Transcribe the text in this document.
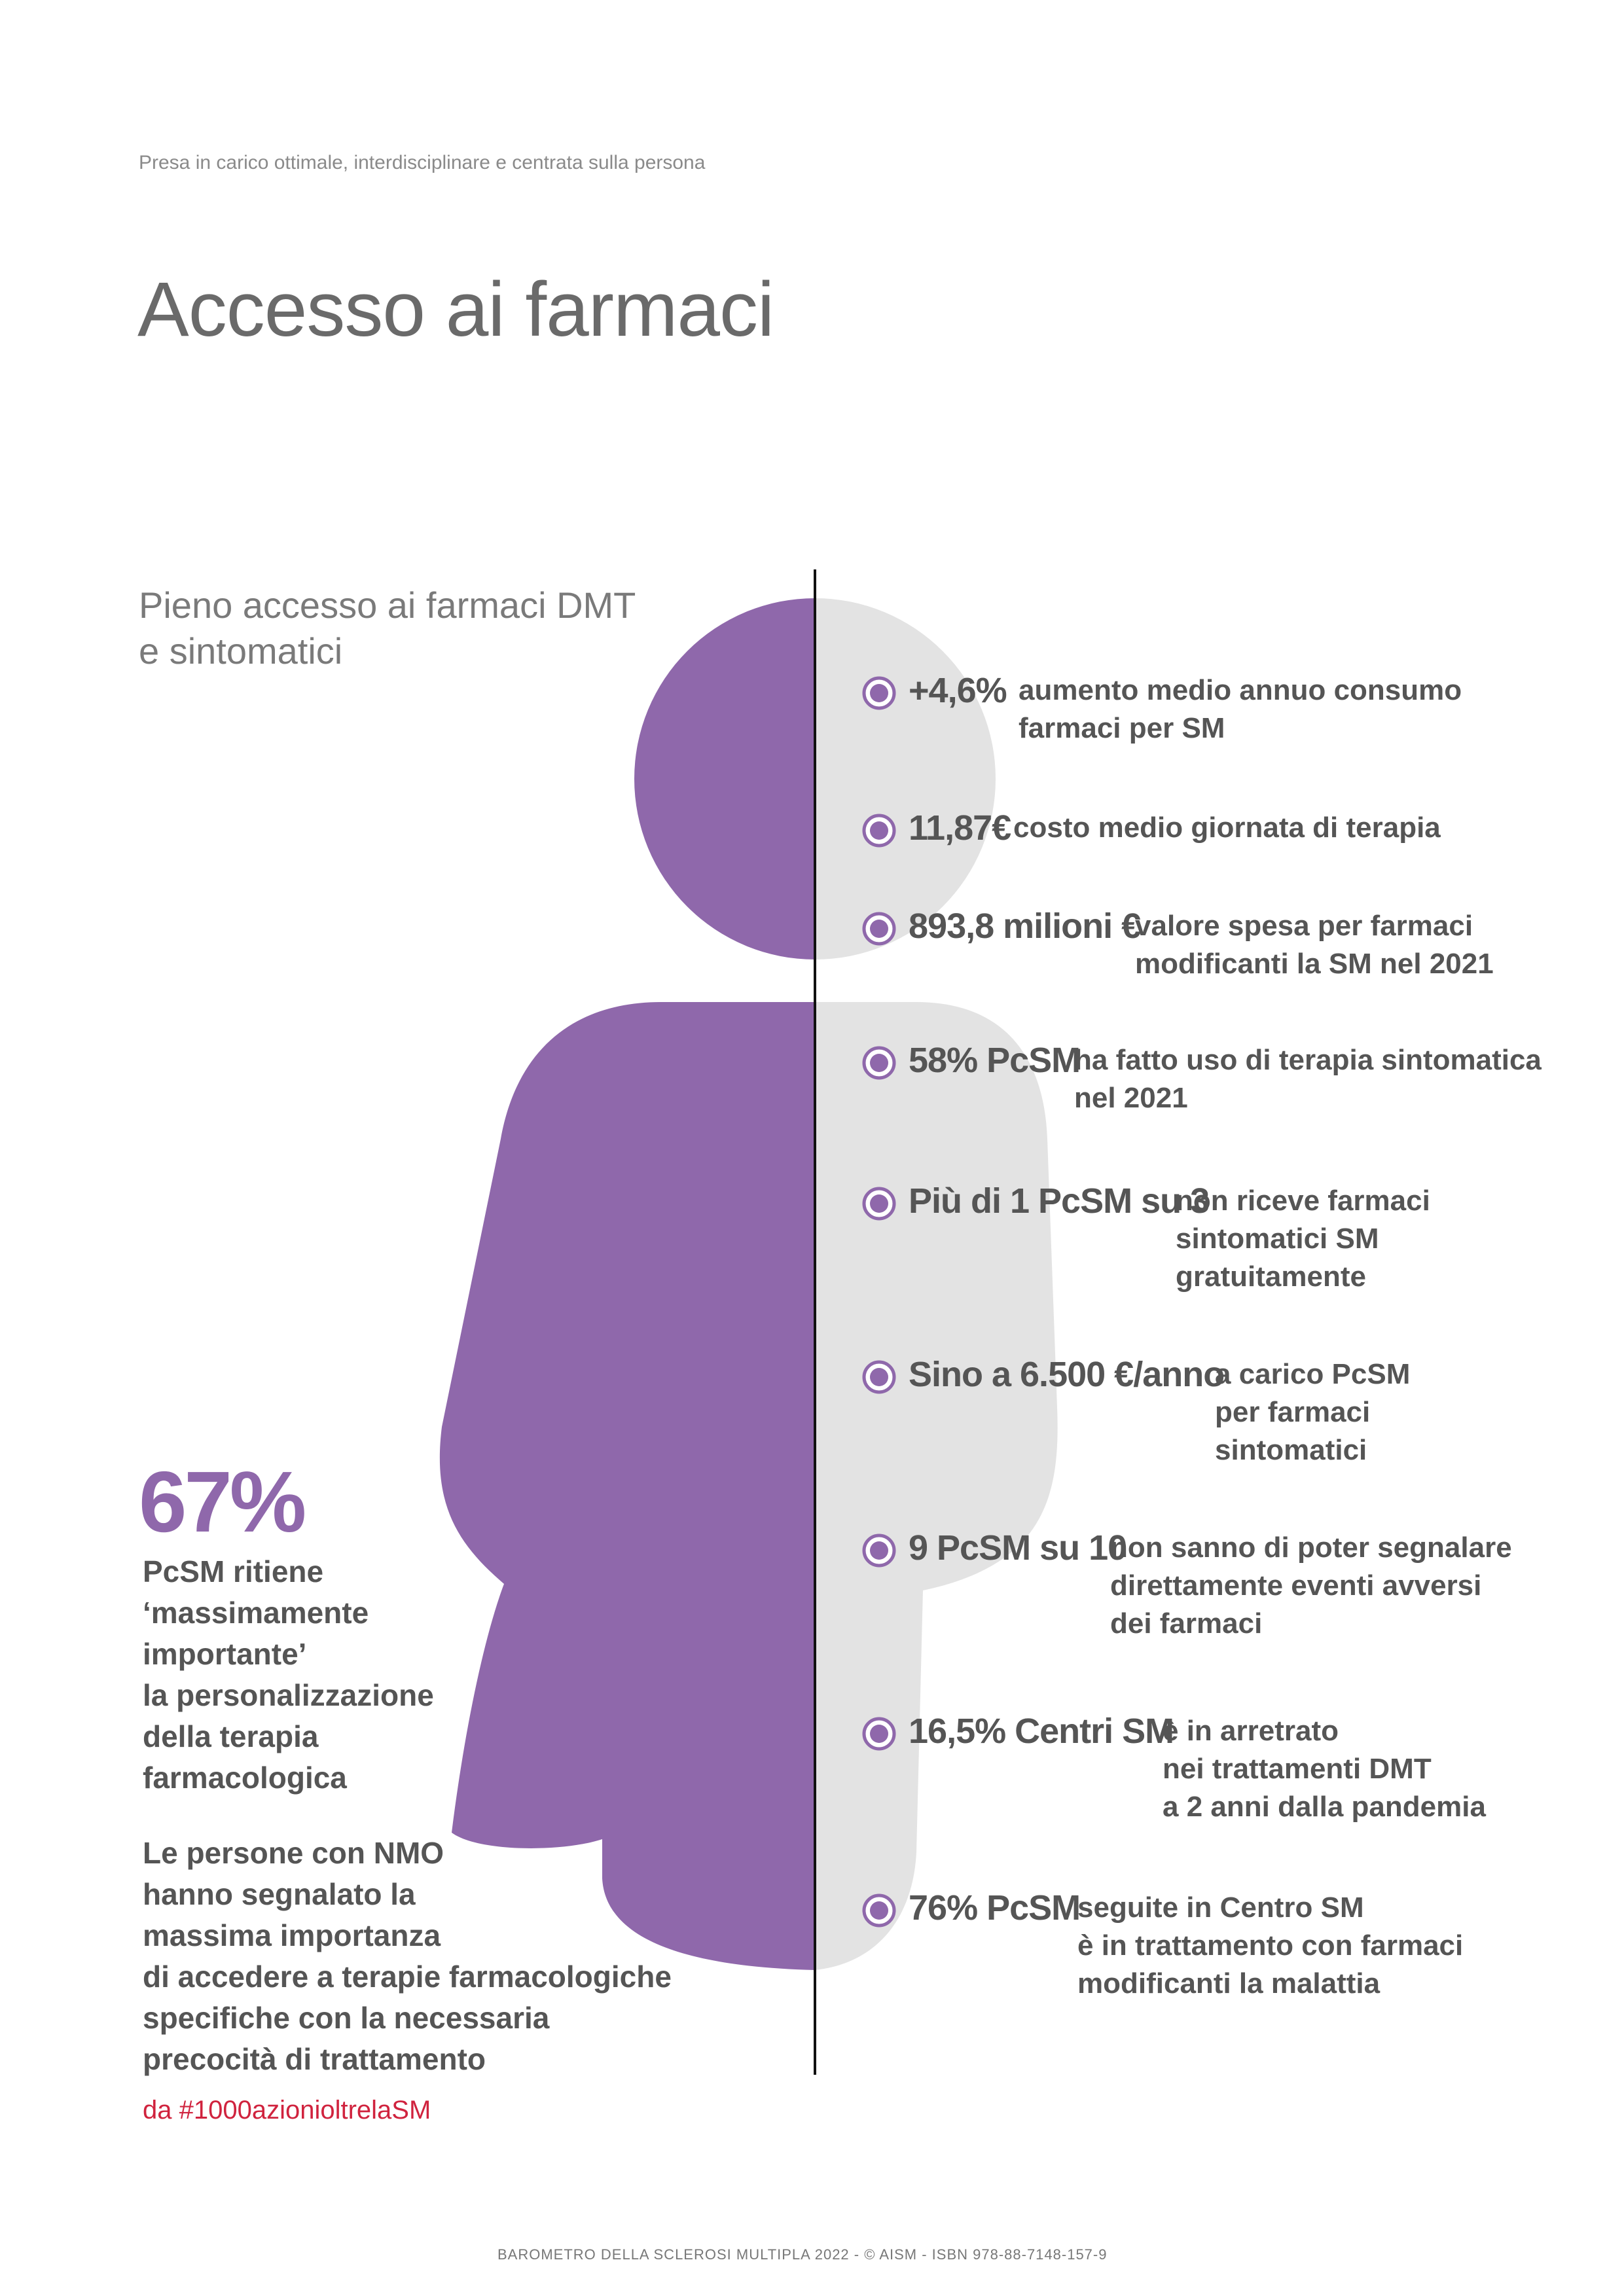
Presa in carico ottimale, interdisciplinare e centrata sulla persona
Accesso ai farmaci
Pieno accesso ai farmaci DMT
e sintomatici
67%
PcSM ritiene
‘massimamente
importante’
la personalizzazione
della terapia
farmacologica
Le persone con NMO
hanno segnalato la
massima importanza
di accedere a terapie farmacologiche
specifiche con la necessaria
precocità di trattamento
da #1000azionioltrelaSM
+4,6% aumento medio annuo consumo
farmaci per SM
11,87€ costo medio giornata di terapia
893,8 milioni €
valore spesa per farmaci
modificanti la SM nel 2021
58% PcSM
ha fatto uso di terapia sintomatica
nel 2021
Più di 1 PcSM su 3
non riceve farmaci
sintomatici SM
gratuitamente
Sino a 6.500 €/anno
a carico PcSM
per farmaci
sintomatici
9 PcSM su 10
non sanno di poter segnalare
direttamente eventi avversi
dei farmaci
16,5% Centri SM
è in arretrato
nei trattamenti DMT
a 2 anni dalla pandemia
76% PcSM
seguite in Centro SM
è in trattamento con farmaci
modificanti la malattia
BAROMETRO DELLA SCLEROSI MULTIPLA 2022 - © AISM - ISBN 978-88-7148-157-9
